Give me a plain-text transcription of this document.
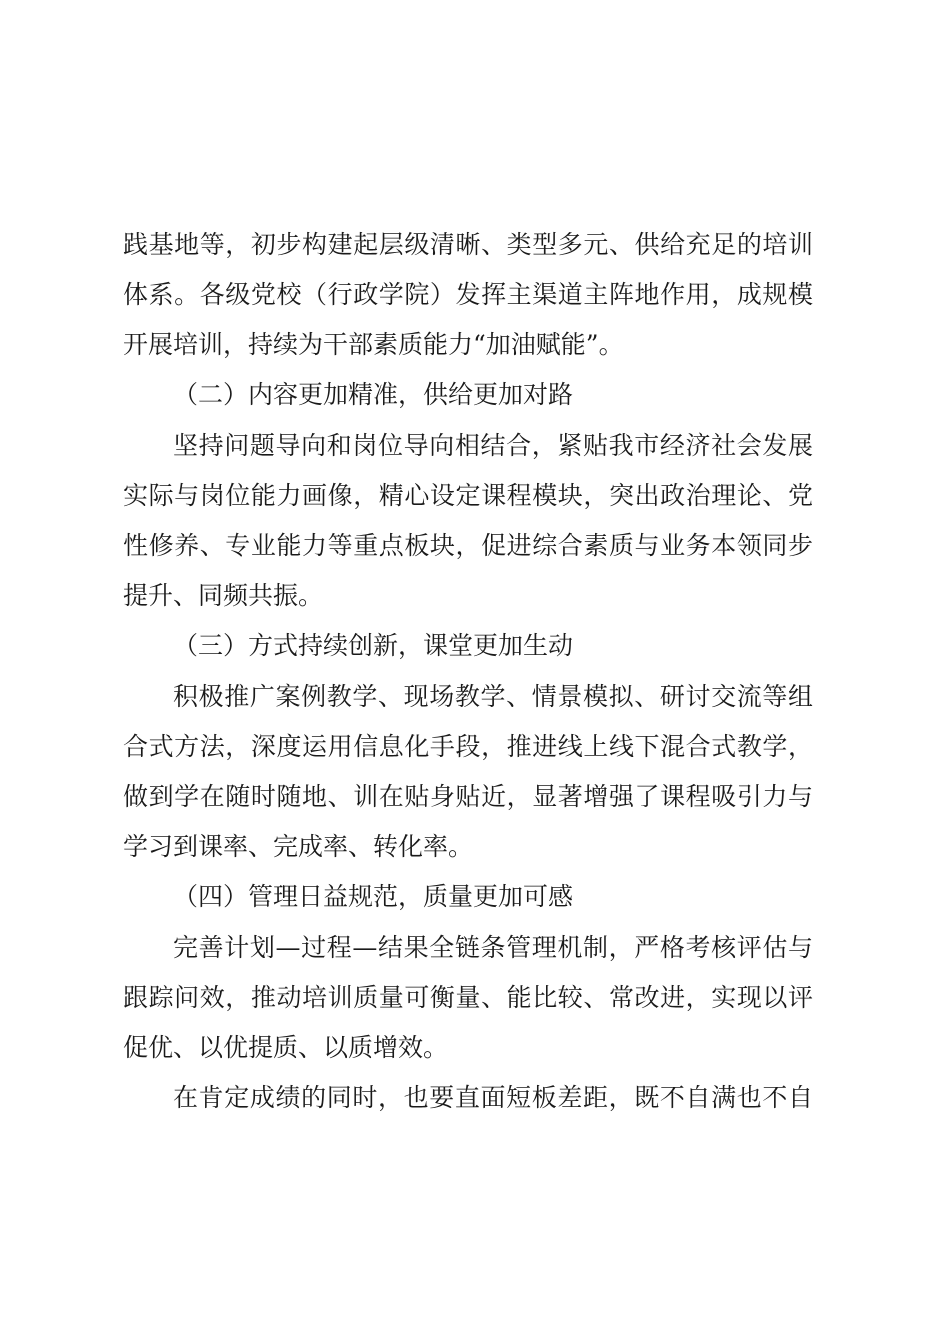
践基地等，初步构建起层级清晰、类型多元、供给充足的培训
体系。各级党校（行政学院）发挥主渠道主阵地作用，成规模
开展培训，持续为干部素质能力“加油赋能”。
（二）内容更加精准，供给更加对路
坚持问题导向和岗位导向相结合，紧贴我市经济社会发展
实际与岗位能力画像，精心设定课程模块，突出政治理论、党
性修养、专业能力等重点板块，促进综合素质与业务本领同步
提升、同频共振。
（三）方式持续创新，课堂更加生动
积极推广案例教学、现场教学、情景模拟、研讨交流等组
合式方法，深度运用信息化手段，推进线上线下混合式教学，
做到学在随时随地、训在贴身贴近，显著增强了课程吸引力与
学习到课率、完成率、转化率。
（四）管理日益规范，质量更加可感
完善计划—过程—结果全链条管理机制，严格考核评估与
跟踪问效，推动培训质量可衡量、能比较、常改进，实现以评
促优、以优提质、以质增效。
在肯定成绩的同时，也要直面短板差距，既不自满也不自
